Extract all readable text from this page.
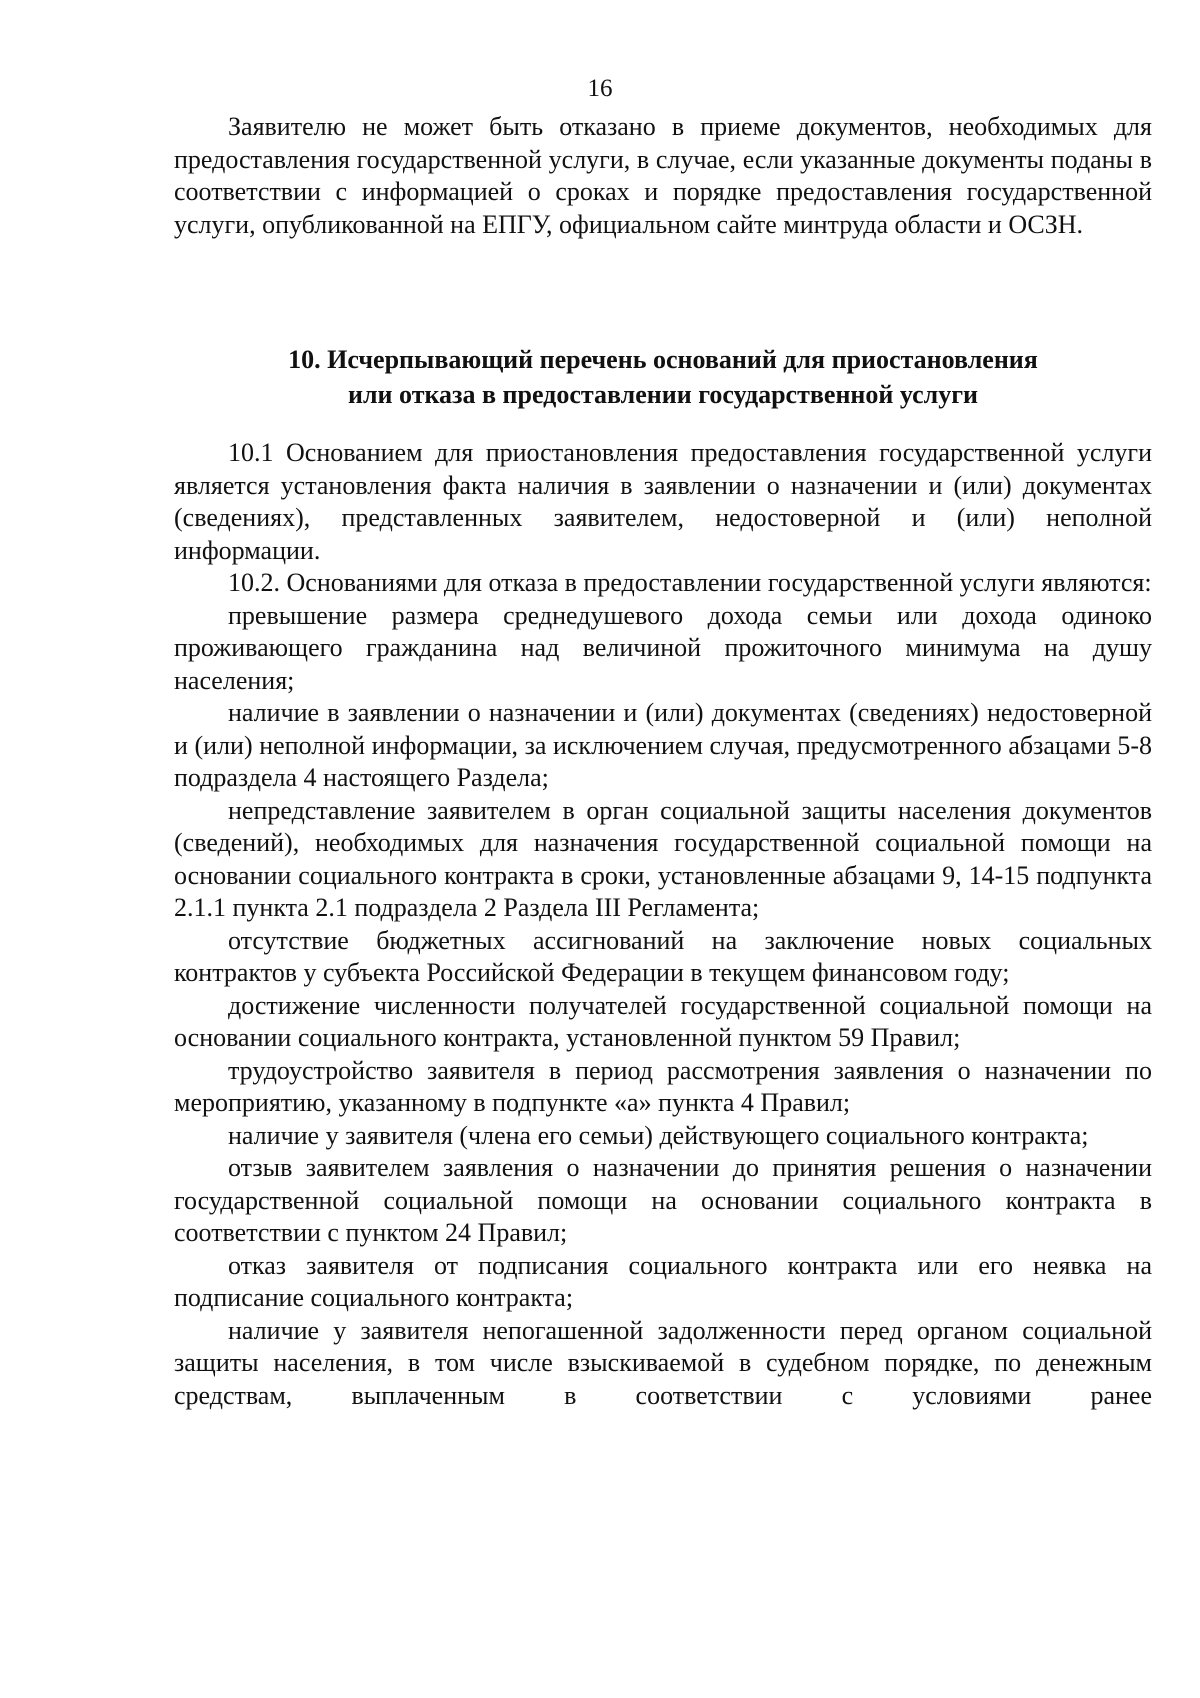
16

Заявителю не может быть отказано в приеме документов, необходимых для предоставления государственной услуги, в случае, если указанные документы поданы в соответствии с информацией о сроках и порядке предоставления государственной услуги, опубликованной на ЕПГУ, официальном сайте минтруда области и ОСЗН.

10. Исчерпывающий перечень оснований для приостановления
или отказа в предоставлении государственной услуги

10.1 Основанием для приостановления предоставления государственной услуги является установления факта наличия в заявлении о назначении и (или) документах (сведениях), представленных заявителем, недостоверной и (или) неполной информации.

10.2. Основаниями для отказа в предоставлении государственной услуги являются:

превышение размера среднедушевого дохода семьи или дохода одиноко проживающего гражданина над величиной прожиточного минимума на душу населения;

наличие в заявлении о назначении и (или) документах (сведениях) недостоверной и (или) неполной информации, за исключением случая, предусмотренного абзацами 5-8 подраздела 4 настоящего Раздела;

непредставление заявителем в орган социальной защиты населения документов (сведений), необходимых для назначения государственной социальной помощи на основании социального контракта в сроки, установленные абзацами 9, 14-15 подпункта 2.1.1 пункта 2.1 подраздела 2 Раздела III Регламента;

отсутствие бюджетных ассигнований на заключение новых социальных контрактов у субъекта Российской Федерации в текущем финансовом году;

достижение численности получателей государственной социальной помощи на основании социального контракта, установленной пунктом 59 Правил;

трудоустройство заявителя в период рассмотрения заявления о назначении по мероприятию, указанному в подпункте «а» пункта 4 Правил;

наличие у заявителя (члена его семьи) действующего социального контракта;

отзыв заявителем заявления о назначении до принятия решения о назначении государственной социальной помощи на основании социального контракта в соответствии с пунктом 24 Правил;

отказ заявителя от подписания социального контракта или его неявка на подписание социального контракта;

наличие у заявителя непогашенной задолженности перед органом социальной защиты населения, в том числе взыскиваемой в судебном порядке, по денежным средствам, выплаченным в соответствии с условиями ранее
